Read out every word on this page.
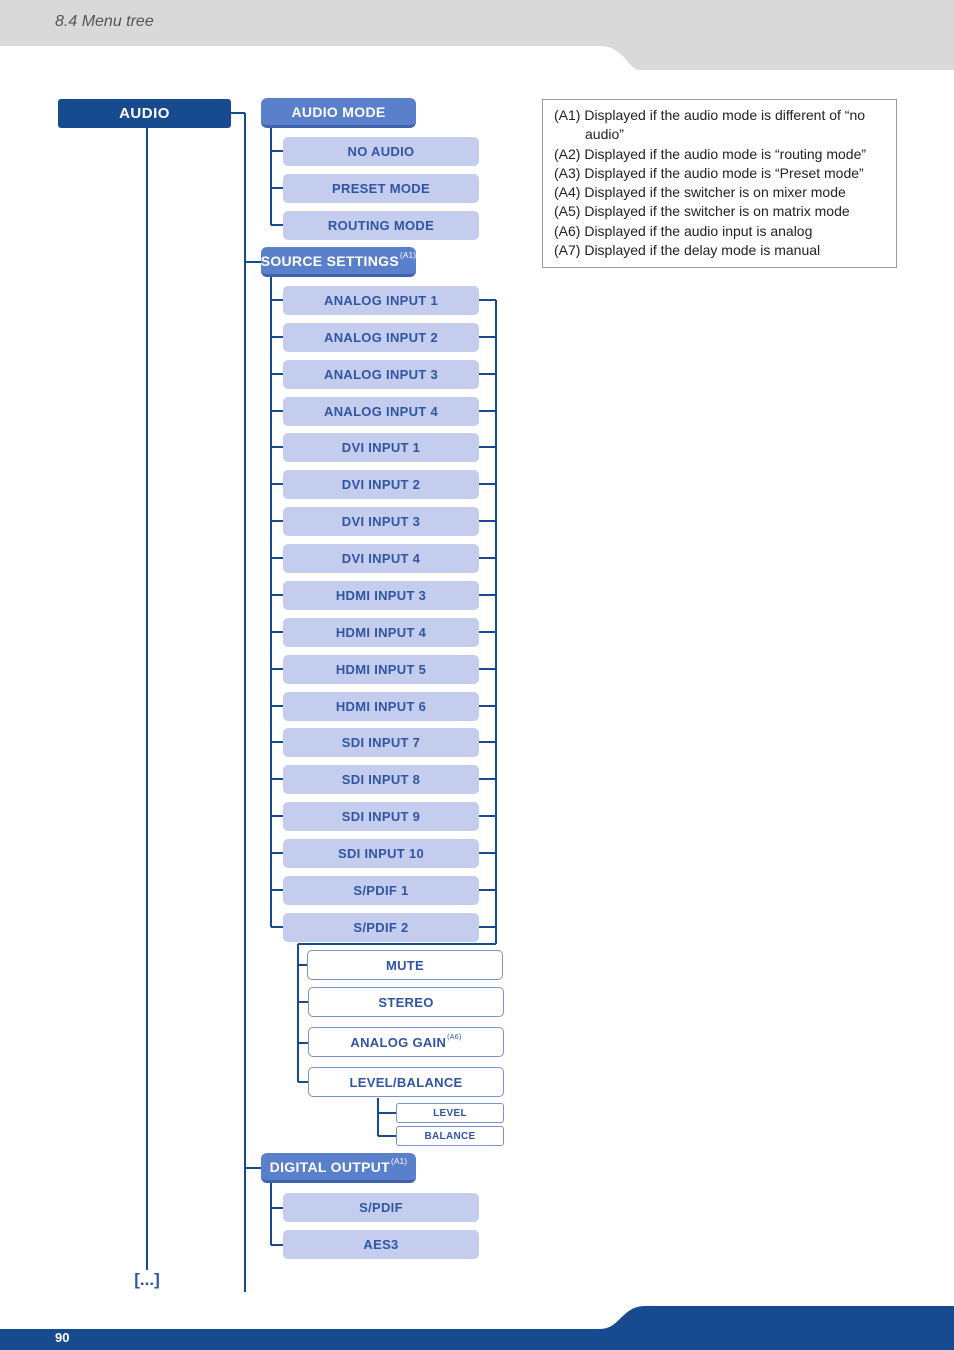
8.4 Menu tree
90
AUDIO	AUDIO MODE
NO AUDIO
PRESET MODE
ROUTING MODE
SOURCE SETTINGS$^{(A1)}$
ANALOG INPUT 1
ANALOG INPUT 2
ANALOG INPUT 3
ANALOG INPUT 4
DVI INPUT 1
DVI INPUT 2
DVI INPUT 3
DVI INPUT 4
HDMI INPUT 3
HDMI INPUT 4
HDMI INPUT 5
HDMI INPUT 6
SDI INPUT 7
SDI INPUT 8
SDI INPUT 9
SDI INPUT 10
S/PDIF 1
S/PDIF 2
MUTE
STEREO
ANALOG GAIN$^{(A6)}$
LEVEL/BALANCE
LEVEL
BALANCE
DIGITAL OUTPUT$^{(A1)}$
S/PDIF
AES3
[...]
(A1) Displayed if the audio mode is different of “no audio”
(A2) Displayed if the audio mode is “routing mode”
(A3) Displayed if the audio mode is “Preset mode”
(A4) Displayed if the switcher is on mixer mode
(A5) Displayed if the switcher is on matrix mode
(A6) Displayed if the audio input is analog
(A7) Displayed if the delay mode is manual
